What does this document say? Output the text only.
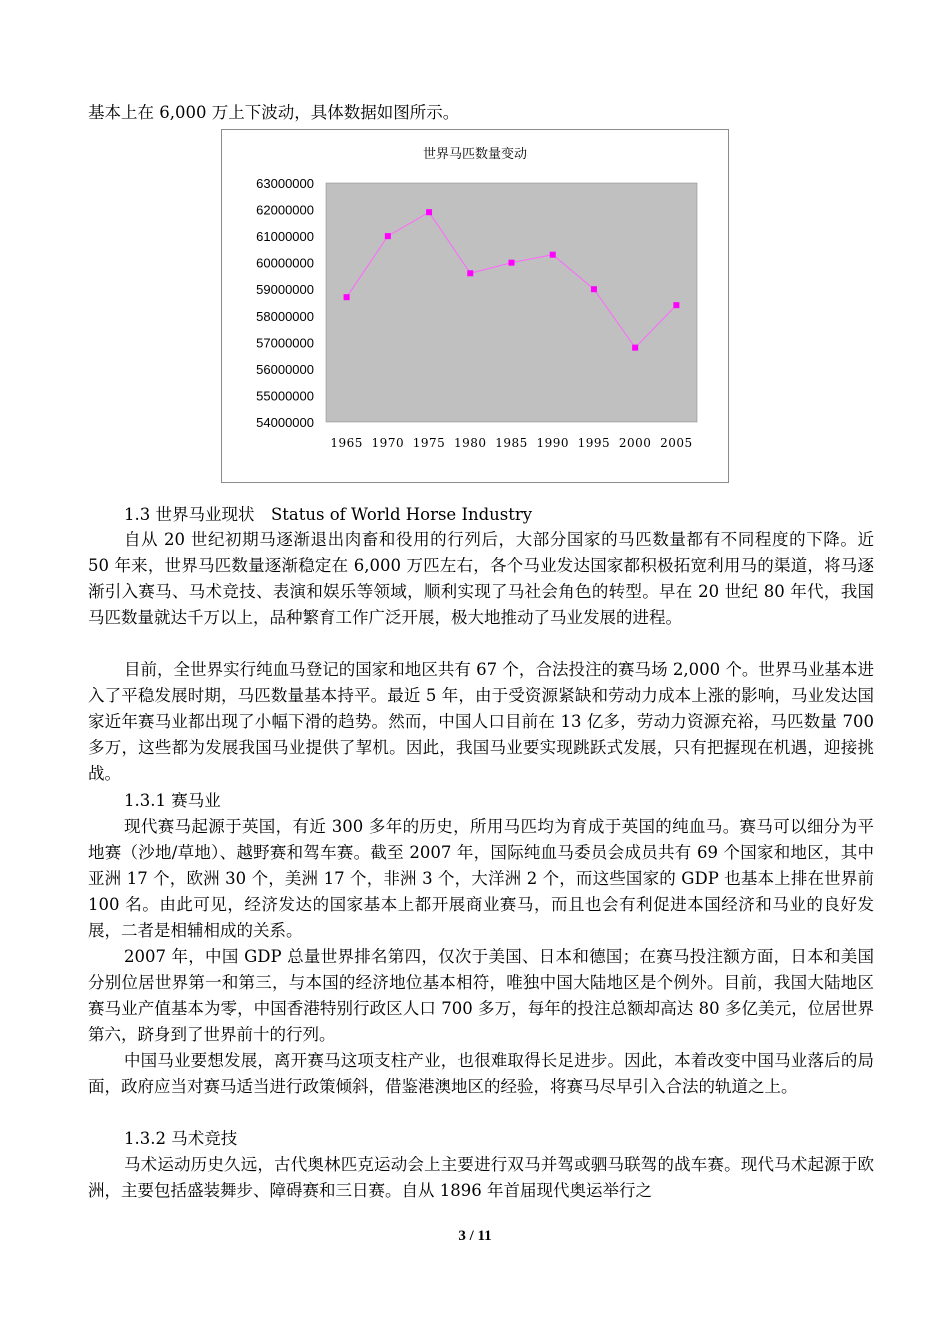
基本上在 6,000 万上下波动，具体数据如图所示。

世界马匹数量变动
63000000
62000000
61000000
60000000
59000000
58000000
57000000
56000000
55000000
54000000
1965 1970 1975 1980 1985 1990 1995 2000 2005

1.3 世界马业现状　Status of World Horse Industry

自从 20 世纪初期马逐渐退出肉畜和役用的行列后，大部分国家的马匹数量都有不同程度的下降。近 50 年来，世界马匹数量逐渐稳定在 6,000 万匹左右，各个马业发达国家都积极拓宽利用马的渠道，将马逐渐引入赛马、马术竞技、表演和娱乐等领域，顺利实现了马社会角色的转型。早在 20 世纪 80 年代，我国马匹数量就达千万以上，品种繁育工作广泛开展，极大地推动了马业发展的进程。

目前，全世界实行纯血马登记的国家和地区共有 67 个，合法投注的赛马场 2,000 个。世界马业基本进入了平稳发展时期，马匹数量基本持平。最近 5 年，由于受资源紧缺和劳动力成本上涨的影响，马业发达国家近年赛马业都出现了小幅下滑的趋势。然而，中国人口目前在 13 亿多，劳动力资源充裕，马匹数量 700 多万，这些都为发展我国马业提供了挈机。因此，我国马业要实现跳跃式发展，只有把握现在机遇，迎接挑战。

1.3.1 赛马业

现代赛马起源于英国，有近 300 多年的历史，所用马匹均为育成于英国的纯血马。赛马可以细分为平地赛（沙地/草地）、越野赛和驾车赛。截至 2007 年，国际纯血马委员会成员共有 69 个国家和地区，其中亚洲 17 个，欧洲 30 个，美洲 17 个，非洲 3 个，大洋洲 2 个，而这些国家的 GDP 也基本上排在世界前 100 名。由此可见，经济发达的国家基本上都开展商业赛马，而且也会有利促进本国经济和马业的良好发展，二者是相辅相成的关系。

2007 年，中国 GDP 总量世界排名第四，仅次于美国、日本和德国；在赛马投注额方面，日本和美国分别位居世界第一和第三，与本国的经济地位基本相符，唯独中国大陆地区是个例外。目前，我国大陆地区赛马业产值基本为零，中国香港特别行政区人口 700 多万，每年的投注总额却高达 80 多亿美元，位居世界第六，跻身到了世界前十的行列。

中国马业要想发展，离开赛马这项支柱产业，也很难取得长足进步。因此，本着改变中国马业落后的局面，政府应当对赛马适当进行政策倾斜，借鉴港澳地区的经验，将赛马尽早引入合法的轨道之上。

1.3.2 马术竞技

马术运动历史久远，古代奥林匹克运动会上主要进行双马并驾或驷马联驾的战车赛。现代马术起源于欧洲，主要包括盛装舞步、障碍赛和三日赛。自从 1896 年首届现代奥运举行之

3 / 11
